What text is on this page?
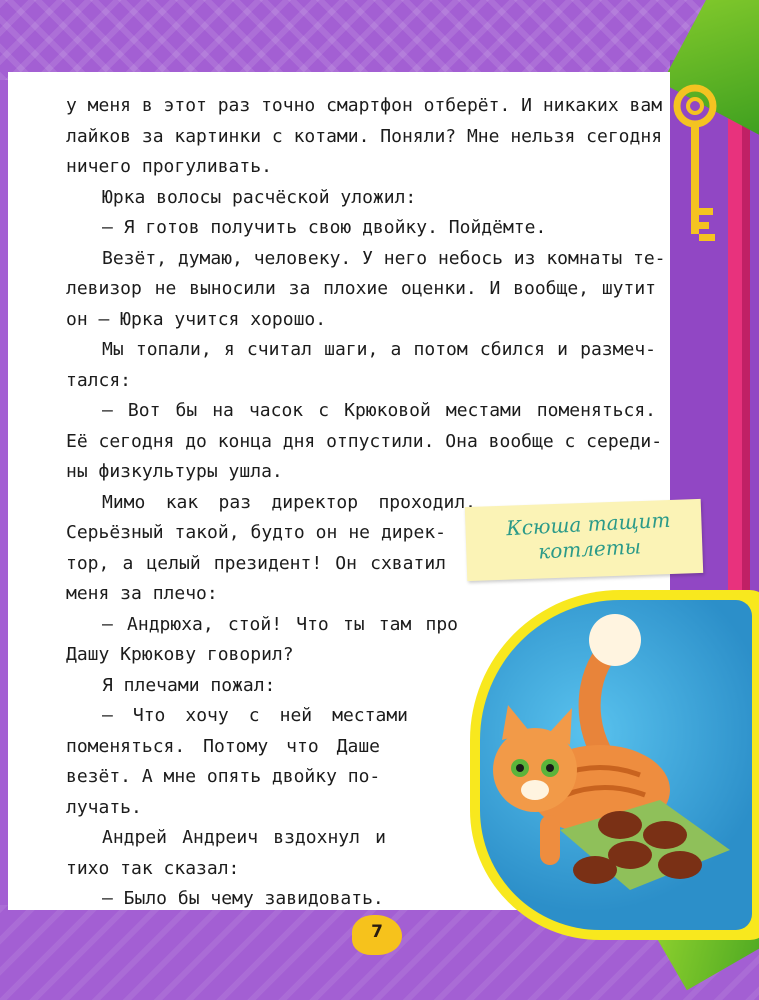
у меня в этот раз точно смартфон отберёт. И никаких вам
лайков за картинки с котами. Поняли? Мне нельзя сегодня
ничего прогуливать.
Юрка волосы расчёской уложил:
— Я готов получить свою двойку. Пойдёмте.
Везёт, думаю, человеку. У него небось из комнаты те-
левизор не выносили за плохие оценки. И вообще, шутит
он — Юрка учится хорошо.
Мы топали, я считал шаги, а потом сбился и размеч-
тался:
— Вот бы на часок с Крюковой местами поменяться.
Её сегодня до конца дня отпустили. Она вообще с середи-
ны физкультуры ушла.
Мимо как раз директор проходил.
Серьёзный такой, будто он не дирек-
тор, а целый президент! Он схватил
меня за плечо:
— Андрюха, стой! Что ты там про
Дашу Крюкову говорил?
Я плечами пожал:
— Что хочу с ней местами
поменяться. Потому что Даше
везёт. А мне опять двойку по-
лучать.
Андрей Андреич вздохнул и
тихо так сказал:
— Было бы чему завидовать.
Ксюша тащит котлеты
7
